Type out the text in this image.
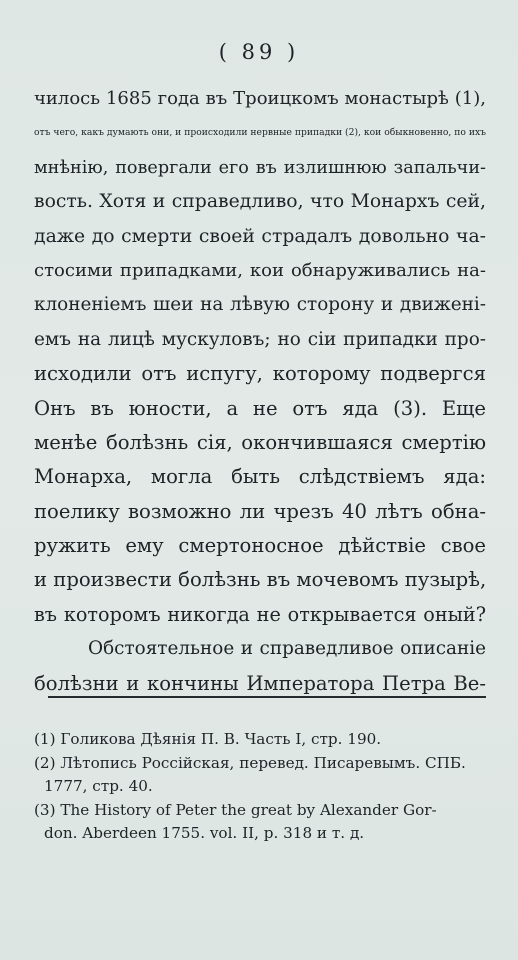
( 89 )
чилось 1685 года въ Троицкомъ монастырѣ (1),
отъ чего, какъ думають они, и происходили нервные припадки (2), кои обыкновенно, по ихъ
мнѣнію, повергали его въ излишнюю запальчи-
вость. Хотя и справедливо, что Монархъ сей,
даже до смерти своей страдалъ довольно ча-
стосими припадками, кои обнаруживались на-
клоненіемъ шеи на лѣвую сторону и движені-
емъ на лицѣ мускуловъ; но сіи припадки про-
исходили отъ испугу, которому подвергся
Онъ въ юности, а не отъ яда (3). Еще
менѣе болѣзнь сія, окончившаяся смертію
Монарха, могла быть слѣдствіемъ яда:
поелику возможно ли чрезъ 40 лѣтъ обна-
ружить ему смертоносное дѣйствіе свое
и произвести болѣзнь въ мочевомъ пузырѣ,
въ которомъ никогда не открывается оный?
Обстоятельное и справедливое описаніе
болѣзни и кончины Императора Петра Ве-
(1) Голикова Дѣянія П. В. Часть I, стр. 190.
(2) Лѣтопись Россійская, перевед. Писаревымъ. СПБ.
1777, стр. 40.
(3) The History of Peter the great by Alexander Gor-
don. Aberdeen 1755. vol. II, p. 318 и т. д.
